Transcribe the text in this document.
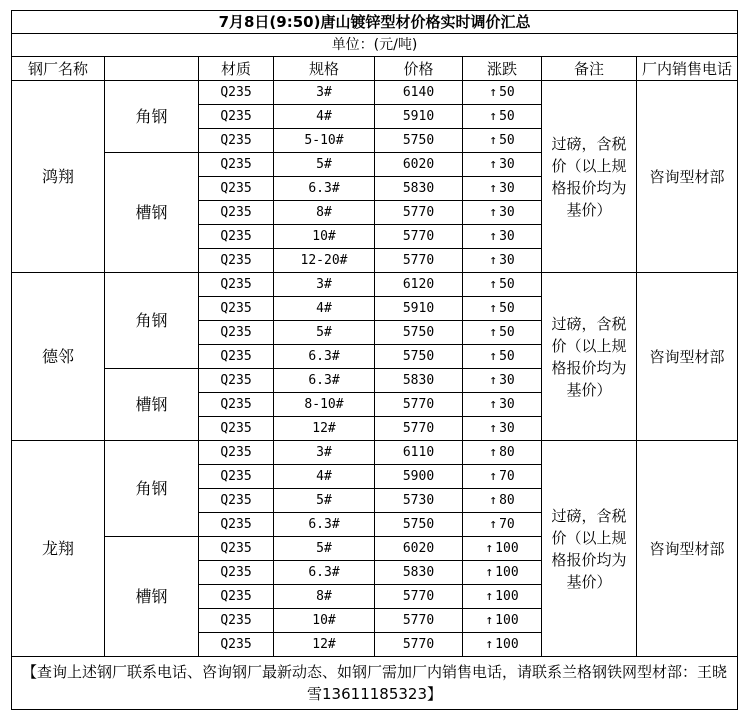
7月8日(9:50)唐山镀锌型材价格实时调价汇总							
单位：(元/吨)							
钢厂名称		材质	规格	价格	涨跌	备注	厂内销售电话
鸿翔	角钢	Q235	3#	6140	↑ 50	过磅，含税价（以上规格报价均为基价）	咨询型材部
		Q235	4#	5910	↑ 50		
		Q235	5-10#	5750	↑ 50		
	槽钢	Q235	5#	6020	↑ 30		
		Q235	6.3#	5830	↑ 30		
		Q235	8#	5770	↑ 30		
		Q235	10#	5770	↑ 30		
		Q235	12-20#	5770	↑ 30		
德邻	角钢	Q235	3#	6120	↑ 50	过磅，含税价（以上规格报价均为基价）	咨询型材部
		Q235	4#	5910	↑ 50		
		Q235	5#	5750	↑ 50		
		Q235	6.3#	5750	↑ 50		
	槽钢	Q235	6.3#	5830	↑ 30		
		Q235	8-10#	5770	↑ 30		
		Q235	12#	5770	↑ 30		
龙翔	角钢	Q235	3#	6110	↑ 80	过磅，含税价（以上规格报价均为基价）	咨询型材部
		Q235	4#	5900	↑ 70		
		Q235	5#	5730	↑ 80		
		Q235	6.3#	5750	↑ 70		
	槽钢	Q235	5#	6020	↑ 100		
		Q235	6.3#	5830	↑ 100		
		Q235	8#	5770	↑ 100		
		Q235	10#	5770	↑ 100		
		Q235	12#	5770	↑ 100		
【查询上述钢厂联系电话、咨询钢厂最新动态、如钢厂需加厂内销售电话，请联系兰格钢铁网型材部：王晓雪13611185323】							
